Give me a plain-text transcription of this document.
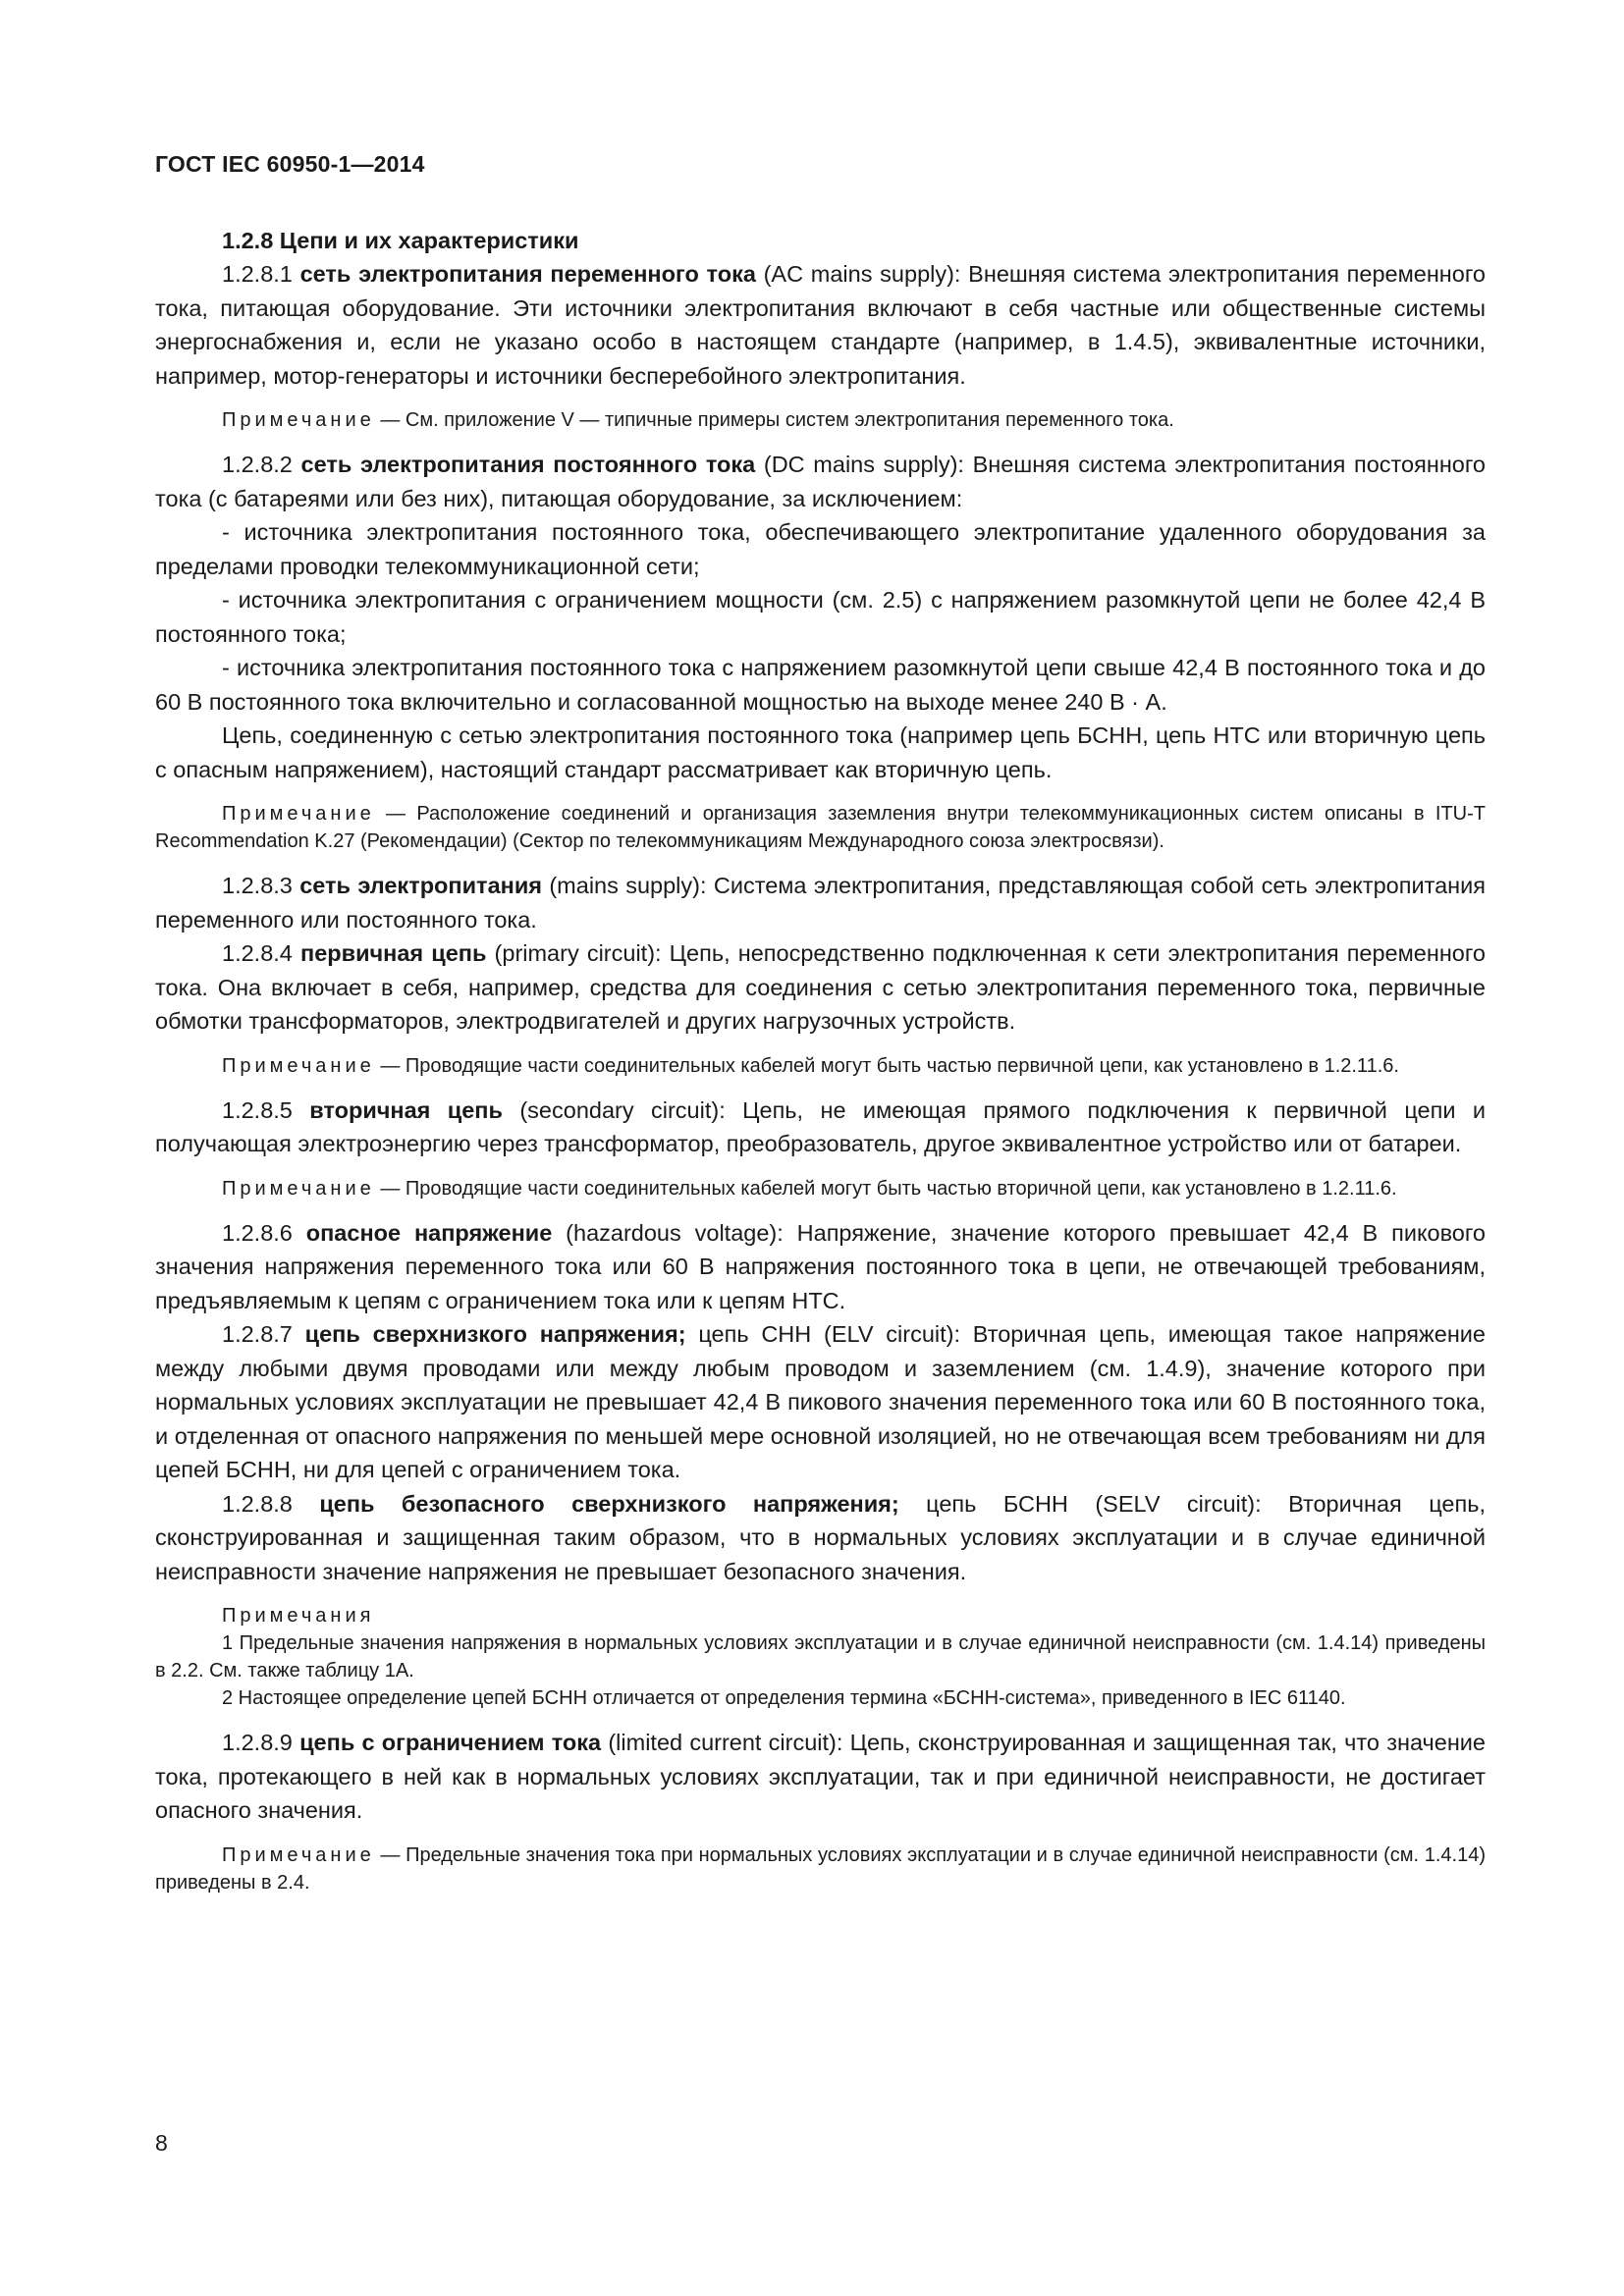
ГОСТ IEC 60950-1—2014

1.2.8 Цепи и их характеристики

1.2.8.1 сеть электропитания переменного тока (AC mains supply): Внешняя система электропитания переменного тока, питающая оборудование. Эти источники электропитания включают в себя частные или общественные системы энергоснабжения и, если не указано особо в настоящем стандарте (например, в 1.4.5), эквивалентные источники, например, мотор-генераторы и источники бесперебойного электропитания.

Примечание — См. приложение V — типичные примеры систем электропитания переменного тока.

1.2.8.2 сеть электропитания постоянного тока (DC mains supply): Внешняя система электропитания постоянного тока (с батареями или без них), питающая оборудование, за исключением:

- источника электропитания постоянного тока, обеспечивающего электропитание удаленного оборудования за пределами проводки телекоммуникационной сети;

- источника электропитания с ограничением мощности (см. 2.5) с напряжением разомкнутой цепи не более 42,4 В постоянного тока;

- источника электропитания постоянного тока с напряжением разомкнутой цепи свыше 42,4 В постоянного тока и до 60 В постоянного тока включительно и согласованной мощностью на выходе менее 240 В · А.

Цепь, соединенную с сетью электропитания постоянного тока (например цепь БСНН, цепь НТС или вторичную цепь с опасным напряжением), настоящий стандарт рассматривает как вторичную цепь.

Примечание — Расположение соединений и организация заземления внутри телекоммуникационных систем описаны в ITU-T Recommendation K.27 (Рекомендации) (Сектор по телекоммуникациям Международного союза электросвязи).

1.2.8.3 сеть электропитания (mains supply): Система электропитания, представляющая собой сеть электропитания переменного или постоянного тока.

1.2.8.4 первичная цепь (primary circuit): Цепь, непосредственно подключенная к сети электропитания переменного тока. Она включает в себя, например, средства для соединения с сетью электропитания переменного тока, первичные обмотки трансформаторов, электродвигателей и других нагрузочных устройств.

Примечание — Проводящие части соединительных кабелей могут быть частью первичной цепи, как установлено в 1.2.11.6.

1.2.8.5 вторичная цепь (secondary circuit): Цепь, не имеющая прямого подключения к первичной цепи и получающая электроэнергию через трансформатор, преобразователь, другое эквивалентное устройство или от батареи.

Примечание — Проводящие части соединительных кабелей могут быть частью вторичной цепи, как установлено в 1.2.11.6.

1.2.8.6 опасное напряжение (hazardous voltage): Напряжение, значение которого превышает 42,4 В пикового значения напряжения переменного тока или 60 В напряжения постоянного тока в цепи, не отвечающей требованиям, предъявляемым к цепям с ограничением тока или к цепям НТС.

1.2.8.7 цепь сверхнизкого напряжения; цепь СНН (ELV circuit): Вторичная цепь, имеющая такое напряжение между любыми двумя проводами или между любым проводом и заземлением (см. 1.4.9), значение которого при нормальных условиях эксплуатации не превышает 42,4 В пикового значения переменного тока или 60 В постоянного тока, и отделенная от опасного напряжения по меньшей мере основной изоляцией, но не отвечающая всем требованиям ни для цепей БСНН, ни для цепей с ограничением тока.

1.2.8.8 цепь безопасного сверхнизкого напряжения; цепь БСНН (SELV circuit): Вторичная цепь, сконструированная и защищенная таким образом, что в нормальных условиях эксплуатации и в случае единичной неисправности значение напряжения не превышает безопасного значения.

Примечания

1 Предельные значения напряжения в нормальных условиях эксплуатации и в случае единичной неисправности (см. 1.4.14) приведены в 2.2. См. также таблицу 1А.

2 Настоящее определение цепей БСНН отличается от определения термина «БСНН-система», приведенного в IEC 61140.

1.2.8.9 цепь с ограничением тока (limited current circuit): Цепь, сконструированная и защищенная так, что значение тока, протекающего в ней как в нормальных условиях эксплуатации, так и при единичной неисправности, не достигает опасного значения.

Примечание — Предельные значения тока при нормальных условиях эксплуатации и в случае единичной неисправности (см. 1.4.14) приведены в 2.4.

8
